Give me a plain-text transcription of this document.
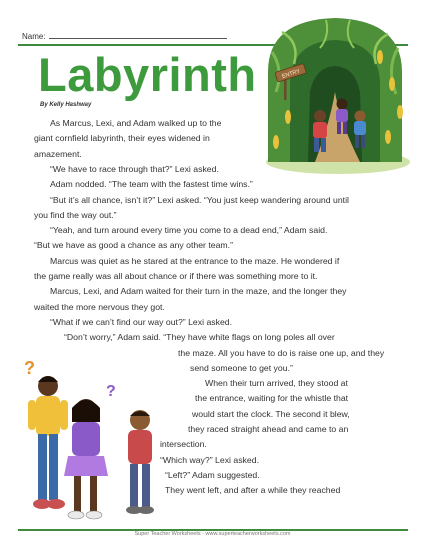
Name:
Labyrinth
By Kelly Hashway
ENTRY
?
?

As Marcus, Lexi, and Adam walked up to the

giant cornfield labyrinth, their eyes widened in

amazement.

“We have to race through that?” Lexi asked.

Adam nodded. “The team with the fastest time wins.”

“But it’s all chance, isn’t it?” Lexi asked. “You just keep wandering around until

you find the way out.”

“Yeah, and turn around every time you come to a dead end,” Adam said.

“But we have as good a chance as any other team.”

Marcus was quiet as he stared at the entrance to the maze. He wondered if

the game really was all about chance or if there was something more to it.

Marcus, Lexi, and Adam waited for their turn in the maze, and the longer they

waited the more nervous they got.

“What if we can’t find our way out?” Lexi asked.

“Don’t worry,” Adam said. “They have white flags on long poles all over

the maze. All you have to do is raise one up, and they

send someone to get you.”

When their turn arrived, they stood at

the entrance, waiting for the whistle that

would start the clock. The second it blew,

they raced straight ahead and came to an

intersection.

“Which way?” Lexi asked.

“Left?” Adam suggested.

They went left, and after a while they reached

Super Teacher Worksheets - www.superteacherworksheets.com
